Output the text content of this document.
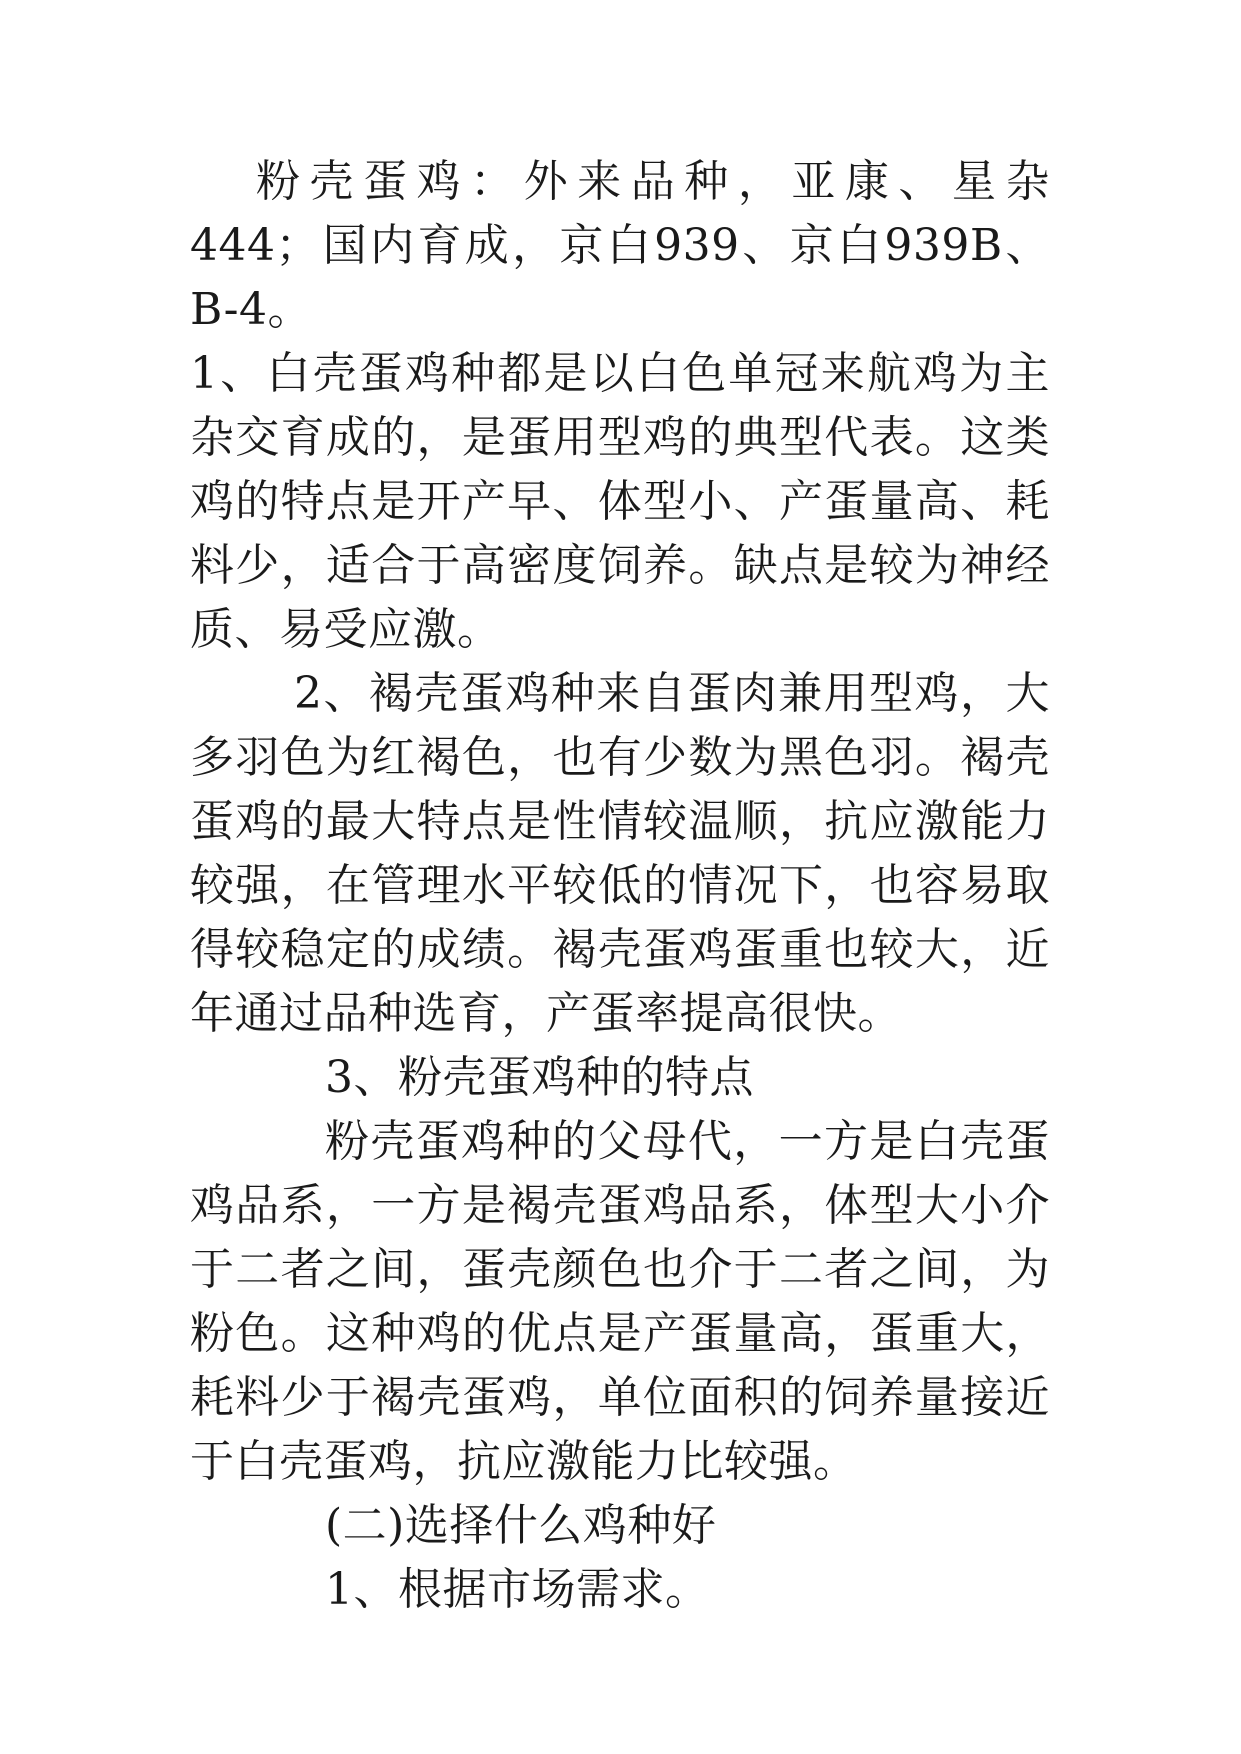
粉壳蛋鸡：外来品种，亚康、星杂444；国内育成，京白939、京白939B、B-4。

1、白壳蛋鸡种都是以白色单冠来航鸡为主杂交育成的，是蛋用型鸡的典型代表。这类鸡的特点是开产早、体型小、产蛋量高、耗料少，适合于高密度饲养。缺点是较为神经质、易受应激。

2、褐壳蛋鸡种来自蛋肉兼用型鸡，大多羽色为红褐色，也有少数为黑色羽。褐壳蛋鸡的最大特点是性情较温顺，抗应激能力较强，在管理水平较低的情况下，也容易取得较稳定的成绩。褐壳蛋鸡蛋重也较大，近年通过品种选育，产蛋率提高很快。

3、粉壳蛋鸡种的特点

粉壳蛋鸡种的父母代，一方是白壳蛋鸡品系，一方是褐壳蛋鸡品系，体型大小介于二者之间，蛋壳颜色也介于二者之间，为粉色。这种鸡的优点是产蛋量高，蛋重大，耗料少于褐壳蛋鸡，单位面积的饲养量接近于白壳蛋鸡，抗应激能力比较强。

(二)选择什么鸡种好

1、根据市场需求。
